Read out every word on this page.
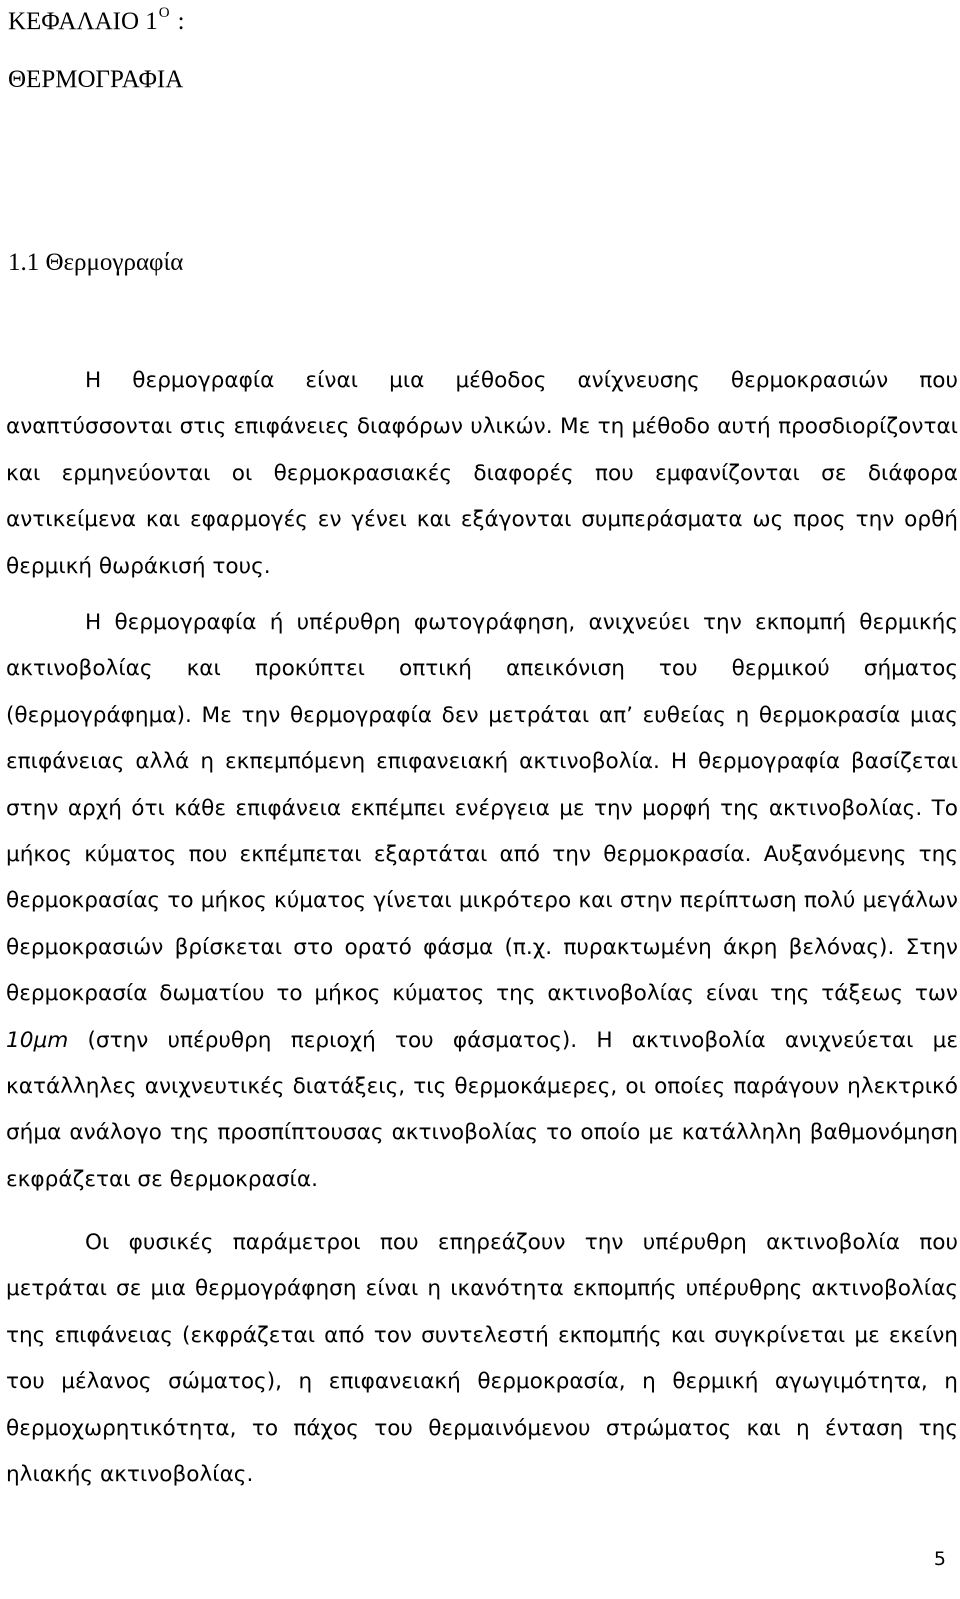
ΚΕΦΑΛΑΙΟ $1^O$ :
ΘΕΡΜΟΓΡΑΦΙΑ
1.1 Θερμογραφία

Η θερμογραφία είναι μια μέθοδος ανίχνευσης θερμοκρασιών που αναπτύσσονται στις επιφάνειες διαφόρων υλικών. Με τη μέθοδο αυτή προσδιορίζονται και ερμηνεύονται οι θερμοκρασιακές διαφορές που εμφανίζονται σε διάφορα αντικείμενα και εφαρμογές εν γένει και εξάγονται συμπεράσματα ως προς την ορθή θερμική θωράκισή τους.

Η θερμογραφία ή υπέρυθρη φωτογράφηση, ανιχνεύει την εκπομπή θερμικής ακτινοβολίας και προκύπτει οπτική απεικόνιση του θερμικού σήματος (θερμογράφημα). Με την θερμογραφία δεν μετράται απ’ ευθείας η θερμοκρασία μιας επιφάνειας αλλά η εκπεμπόμενη επιφανειακή ακτινοβολία. Η θερμογραφία βασίζεται στην αρχή ότι κάθε επιφάνεια εκπέμπει ενέργεια με την μορφή της ακτινοβολίας. Το μήκος κύματος που εκπέμπεται εξαρτάται από την θερμοκρασία. Αυξανόμενης της θερμοκρασίας το μήκος κύματος γίνεται μικρότερο και στην περίπτωση πολύ μεγάλων θερμοκρασιών βρίσκεται στο ορατό φάσμα (π.χ. πυρακτωμένη άκρη βελόνας). Στην θερμοκρασία δωματίου το μήκος κύματος της ακτινοβολίας είναι της τάξεως των 10μm (στην υπέρυθρη περιοχή του φάσματος). Η ακτινοβολία ανιχνεύεται με κατάλληλες ανιχνευτικές διατάξεις, τις θερμοκάμερες, οι οποίες παράγουν ηλεκτρικό σήμα ανάλογο της προσπίπτουσας ακτινοβολίας το οποίο με κατάλληλη βαθμονόμηση εκφράζεται σε θερμοκρασία.

Οι φυσικές παράμετροι που επηρεάζουν την υπέρυθρη ακτινοβολία που μετράται σε μια θερμογράφηση είναι η ικανότητα εκπομπής υπέρυθρης ακτινοβολίας της επιφάνειας (εκφράζεται από τον συντελεστή εκπομπής και συγκρίνεται με εκείνη του μέλανος σώματος), η επιφανειακή θερμοκρασία, η θερμική αγωγιμότητα, η θερμοχωρητικότητα, το πάχος του θερμαινόμενου στρώματος και η ένταση της ηλιακής ακτινοβολίας.

5
